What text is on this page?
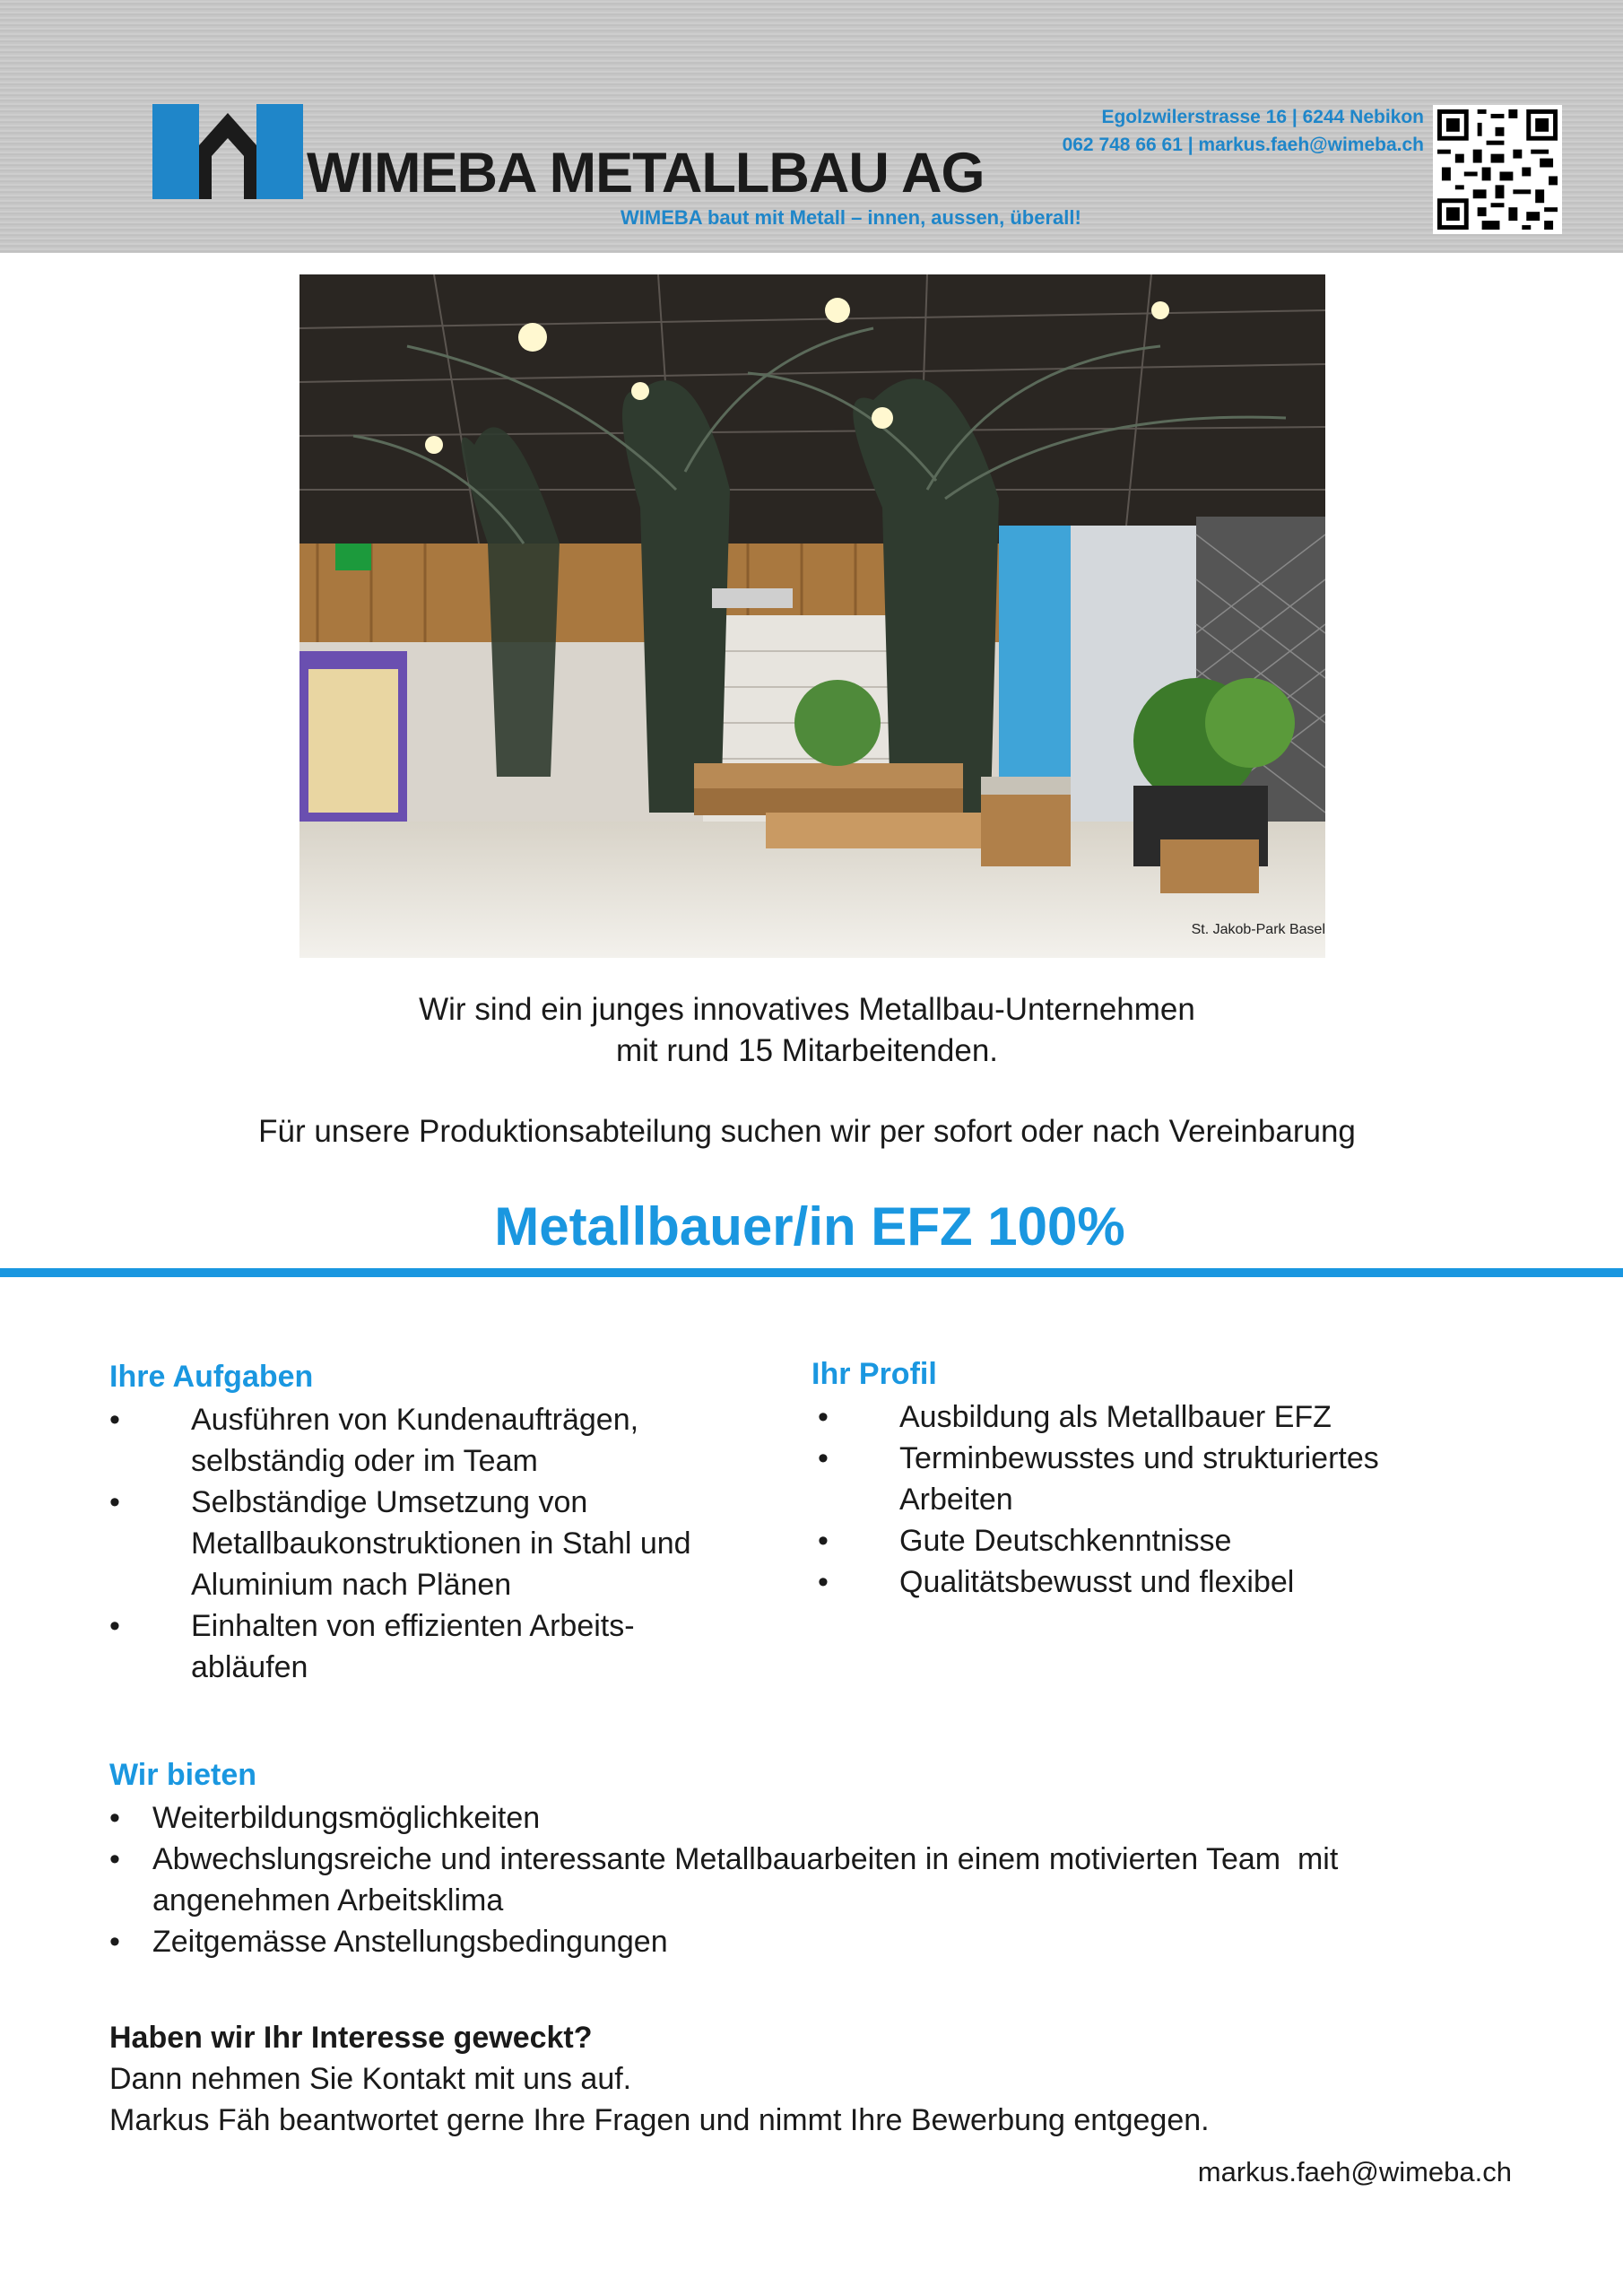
WIMEBA METALLBAU AG
WIMEBA baut mit Metall – innen, aussen, überall!
Egolzwilerstrasse 16 | 6244 Nebikon
062 748 66 61 | markus.faeh@wimeba.ch
St. Jakob-Park Basel
Wir sind ein junges innovatives Metallbau-Unternehmen
mit rund 15 Mitarbeitenden.
Für unsere Produktionsabteilung suchen wir per sofort oder nach Vereinbarung
Metallbauer/in EFZ 100%
Ihre Aufgaben
• Ausführen von Kundenaufträgen,
selbständig oder im Team
• Selbständige Umsetzung von
Metallbaukonstruktionen in Stahl und
Aluminium nach Plänen
• Einhalten von effizienten Arbeits-
abläufen
Ihr Profil
• Ausbildung als Metallbauer EFZ
• Terminbewusstes und strukturiertes
Arbeiten
• Gute Deutschkenntnisse
• Qualitätsbewusst und flexibel
Wir bieten
• Weiterbildungsmöglichkeiten
• Abwechslungsreiche und interessante Metallbauarbeiten in einem motivierten Team  mit
angenehmen Arbeitsklima
• Zeitgemässe Anstellungsbedingungen
Haben wir Ihr Interesse geweckt?
Dann nehmen Sie Kontakt mit uns auf.
Markus Fäh beantwortet gerne Ihre Fragen und nimmt Ihre Bewerbung entgegen.
markus.faeh@wimeba.ch
